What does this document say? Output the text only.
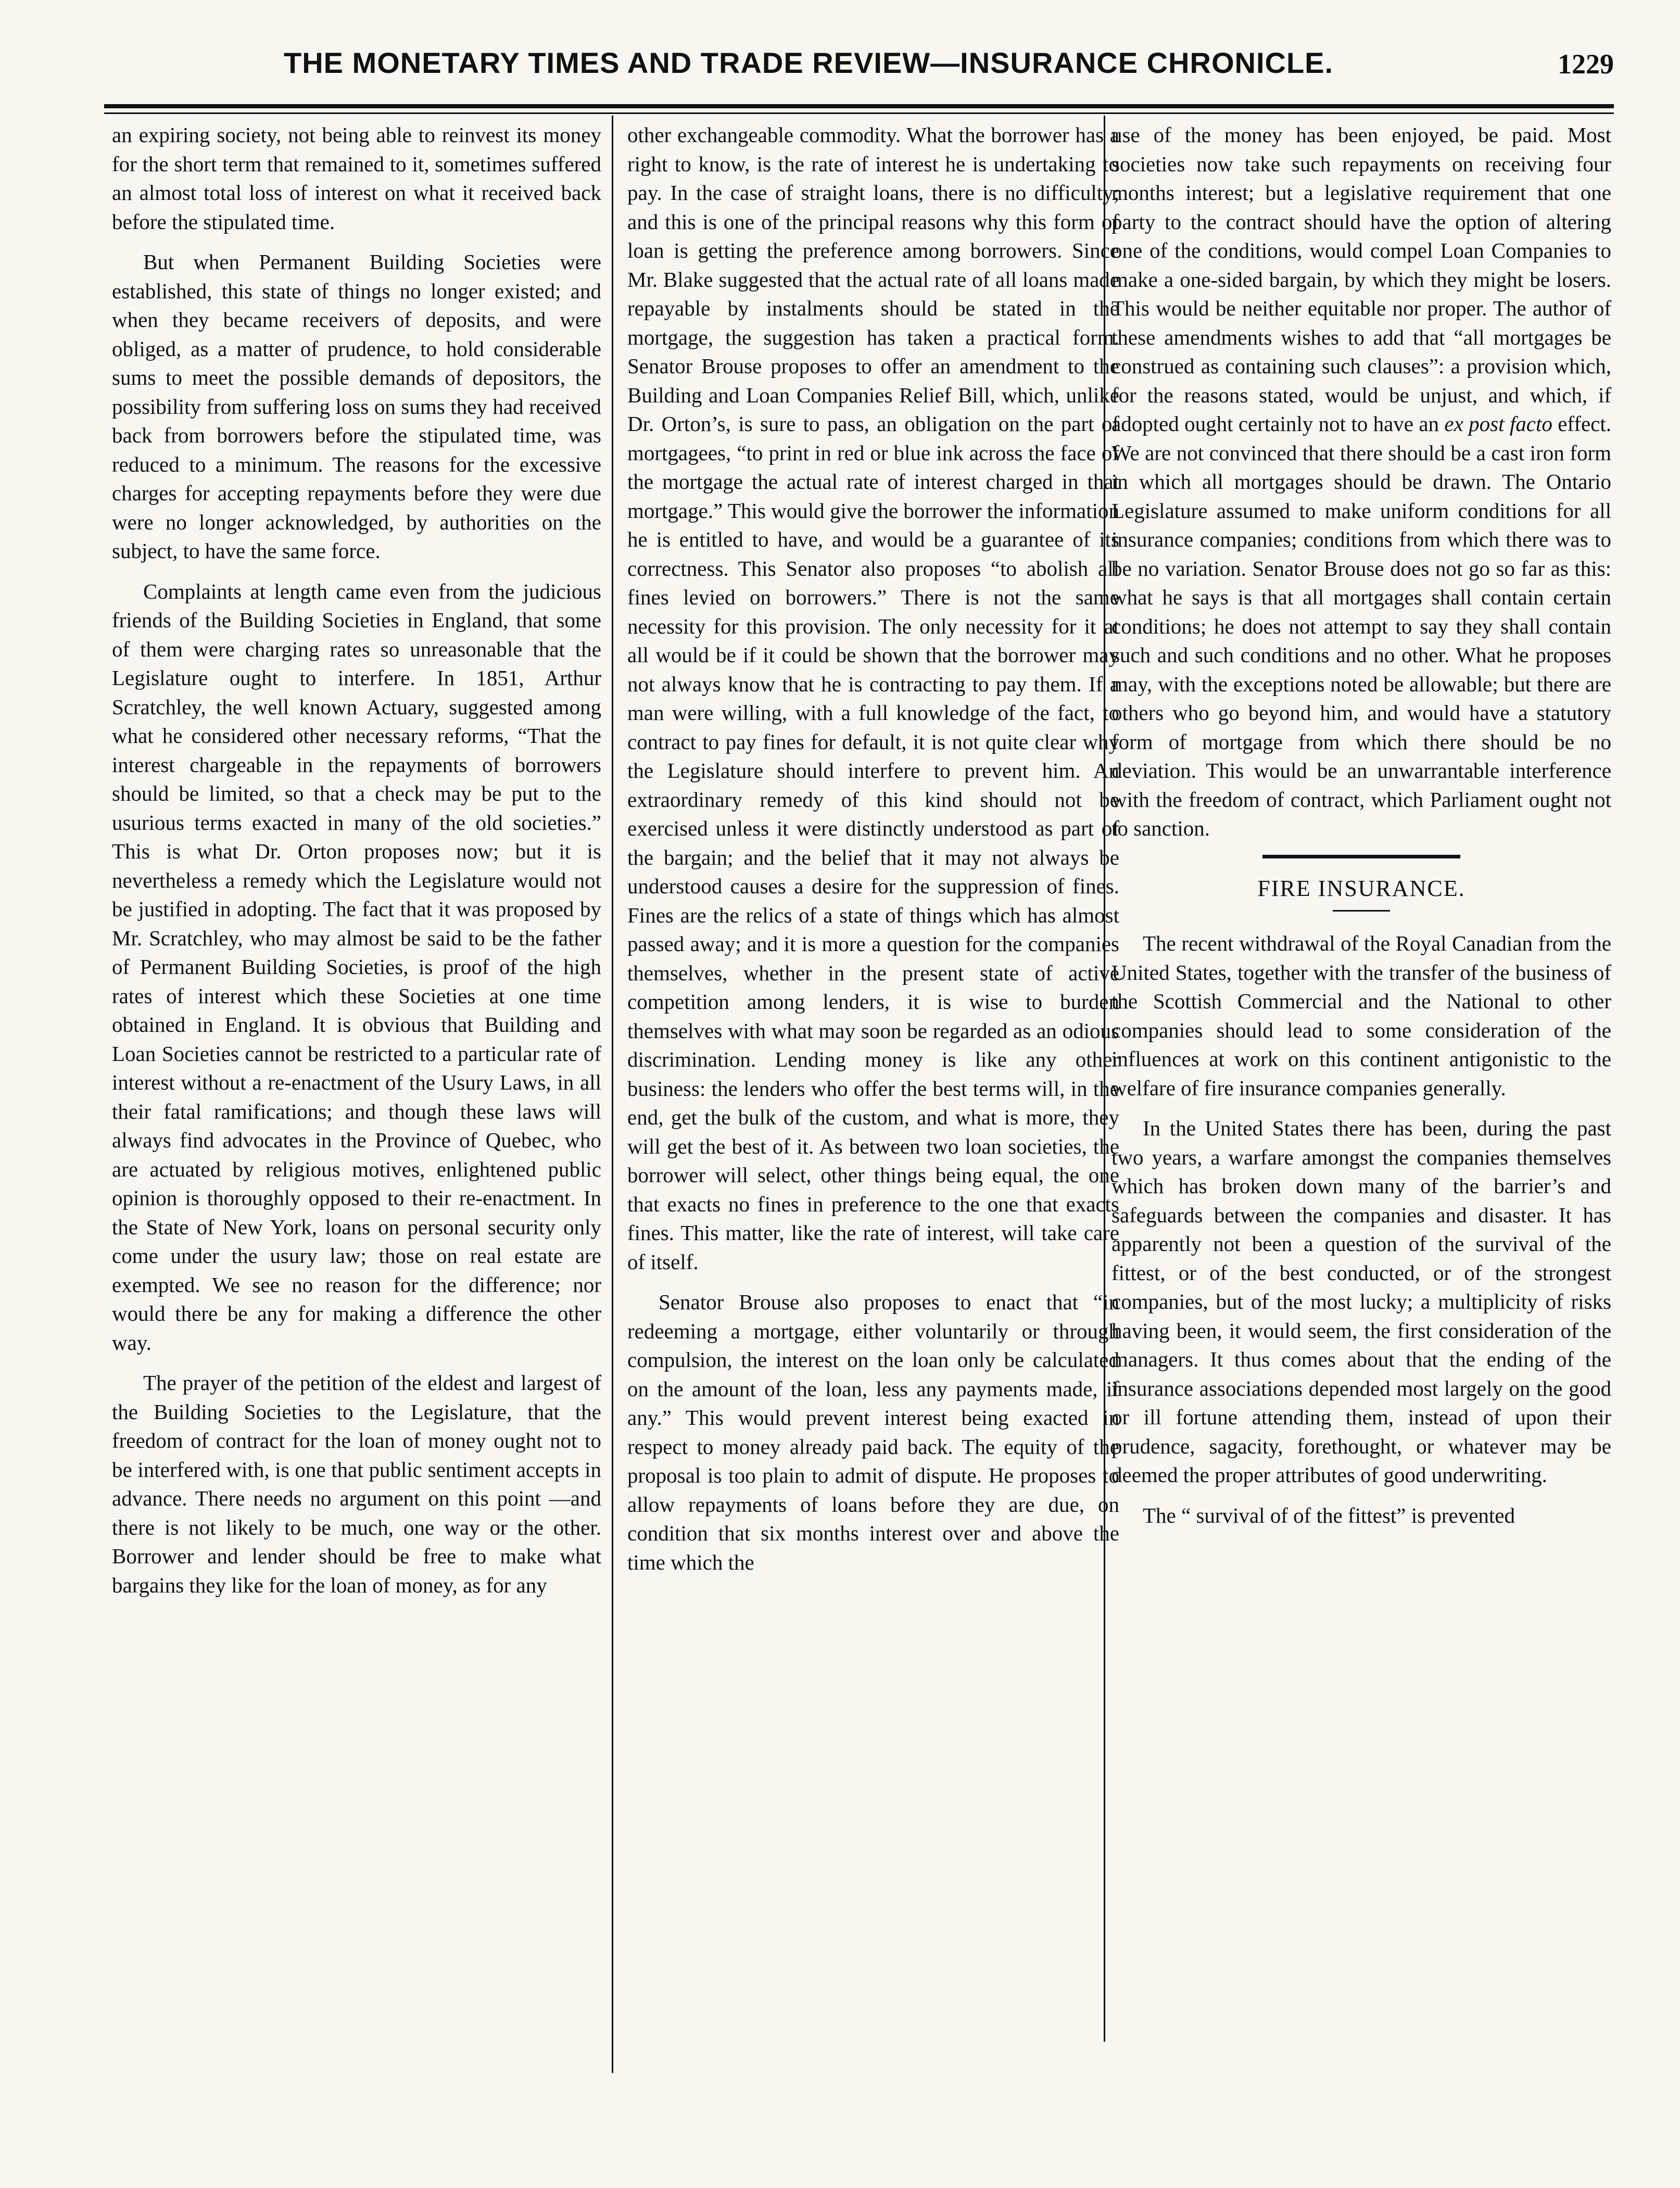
THE MONETARY TIMES AND TRADE REVIEW—INSURANCE CHRONICLE.	1229

an expiring society, not being able to reinvest its money for the short term that remained to it, sometimes suffered an almost total loss of interest on what it received back before the stipulated time.

But when Permanent Building Societies were established, this state of things no longer existed; and when they became receivers of deposits, and were obliged, as a matter of prudence, to hold considerable sums to meet the possible demands of depositors, the possibility from suffering loss on sums they had received back from borrowers before the stipulated time, was reduced to a minimum. The reasons for the excessive charges for accepting repayments before they were due were no longer acknowledged, by authorities on the subject, to have the same force.

Complaints at length came even from the judicious friends of the Building Societies in England, that some of them were charging rates so unreasonable that the Legislature ought to interfere. In 1851, Arthur Scratchley, the well known Actuary, suggested among what he considered other necessary reforms, “That the interest chargeable in the repayments of borrowers should be limited, so that a check may be put to the usurious terms exacted in many of the old societies.” This is what Dr. Orton proposes now; but it is nevertheless a remedy which the Legislature would not be justified in adopting. The fact that it was proposed by Mr. Scratchley, who may almost be said to be the father of Permanent Building Societies, is proof of the high rates of interest which these Societies at one time obtained in England. It is obvious that Building and Loan Societies cannot be restricted to a particular rate of interest without a re-enactment of the Usury Laws, in all their fatal ramifications; and though these laws will always find advocates in the Province of Quebec, who are actuated by religious motives, enlightened public opinion is thoroughly opposed to their re-enactment. In the State of New York, loans on personal security only come under the usury law; those on real estate are exempted. We see no reason for the difference; nor would there be any for making a difference the other way.

The prayer of the petition of the eldest and largest of the Building Societies to the Legislature, that the freedom of contract for the loan of money ought not to be interfered with, is one that public sentiment accepts in advance. There needs no argument on this point —and there is not likely to be much, one way or the other. Borrower and lender should be free to make what bargains they like for the loan of money, as for any

other exchangeable commodity. What the borrower has a right to know, is the rate of interest he is undertaking to pay. In the case of straight loans, there is no difficulty; and this is one of the principal reasons why this form of loan is getting the preference among borrowers. Since Mr. Blake suggested that the actual rate of all loans made repayable by instalments should be stated in the mortgage, the suggestion has taken a practical form. Senator Brouse proposes to offer an amendment to the Building and Loan Companies Relief Bill, which, unlike Dr. Orton’s, is sure to pass, an obligation on the part of mortgagees, “to print in red or blue ink across the face of the mortgage the actual rate of interest charged in that mortgage.” This would give the borrower the information he is entitled to have, and would be a guarantee of its correctness. This Senator also proposes “to abolish all fines levied on borrowers.” There is not the same necessity for this provision. The only necessity for it at all would be if it could be shown that the borrower may not always know that he is contracting to pay them. If a man were willing, with a full knowledge of the fact, to contract to pay fines for default, it is not quite clear why the Legislature should interfere to prevent him. An extraordinary remedy of this kind should not be exercised unless it were distinctly understood as part of the bargain; and the belief that it may not always be understood causes a desire for the suppression of fines. Fines are the relics of a state of things which has almost passed away; and it is more a question for the companies themselves, whether in the present state of active competition among lenders, it is wise to burden themselves with what may soon be regarded as an odious discrimination. Lending money is like any other business: the lenders who offer the best terms will, in the end, get the bulk of the custom, and what is more, they will get the best of it. As between two loan societies, the borrower will select, other things being equal, the one that exacts no fines in preference to the one that exacts fines. This matter, like the rate of interest, will take care of itself.

Senator Brouse also proposes to enact that “in redeeming a mortgage, either voluntarily or through compulsion, the interest on the loan only be calculated on the amount of the loan, less any payments made, if any.” This would prevent interest being exacted in respect to money already paid back. The equity of the proposal is too plain to admit of dispute. He proposes to allow repayments of loans before they are due, on condition that six months interest over and above the time which the

use of the money has been enjoyed, be paid. Most societies now take such repayments on receiving four months interest; but a legislative requirement that one party to the contract should have the option of altering one of the conditions, would compel Loan Companies to make a one-sided bargain, by which they might be losers. This would be neither equitable nor proper. The author of these amendments wishes to add that “all mortgages be construed as containing such clauses”: a provision which, for the reasons stated, would be unjust, and which, if adopted ought certainly not to have an ex post facto effect. We are not convinced that there should be a cast iron form in which all mortgages should be drawn. The Ontario Legislature assumed to make uniform conditions for all insurance companies; conditions from which there was to be no variation. Senator Brouse does not go so far as this: what he says is that all mortgages shall contain certain conditions; he does not attempt to say they shall contain such and such conditions and no other. What he proposes may, with the exceptions noted be allowable; but there are others who go beyond him, and would have a statutory form of mortgage from which there should be no deviation. This would be an unwarrantable interference with the freedom of contract, which Parliament ought not to sanction.

FIRE INSURANCE.

The recent withdrawal of the Royal Canadian from the United States, together with the transfer of the business of the Scottish Commercial and the National to other companies should lead to some consideration of the influences at work on this continent antigonistic to the welfare of fire insurance companies generally.

In the United States there has been, during the past two years, a warfare amongst the companies themselves which has broken down many of the barrier’s and safeguards between the companies and disaster. It has apparently not been a question of the survival of the fittest, or of the best conducted, or of the strongest companies, but of the most lucky; a multiplicity of risks having been, it would seem, the first consideration of the managers. It thus comes about that the ending of the insurance associations depended most largely on the good or ill fortune attending them, instead of upon their prudence, sagacity, forethought, or whatever may be deemed the proper attributes of good underwriting.

The “ survival of of the fittest” is prevented
